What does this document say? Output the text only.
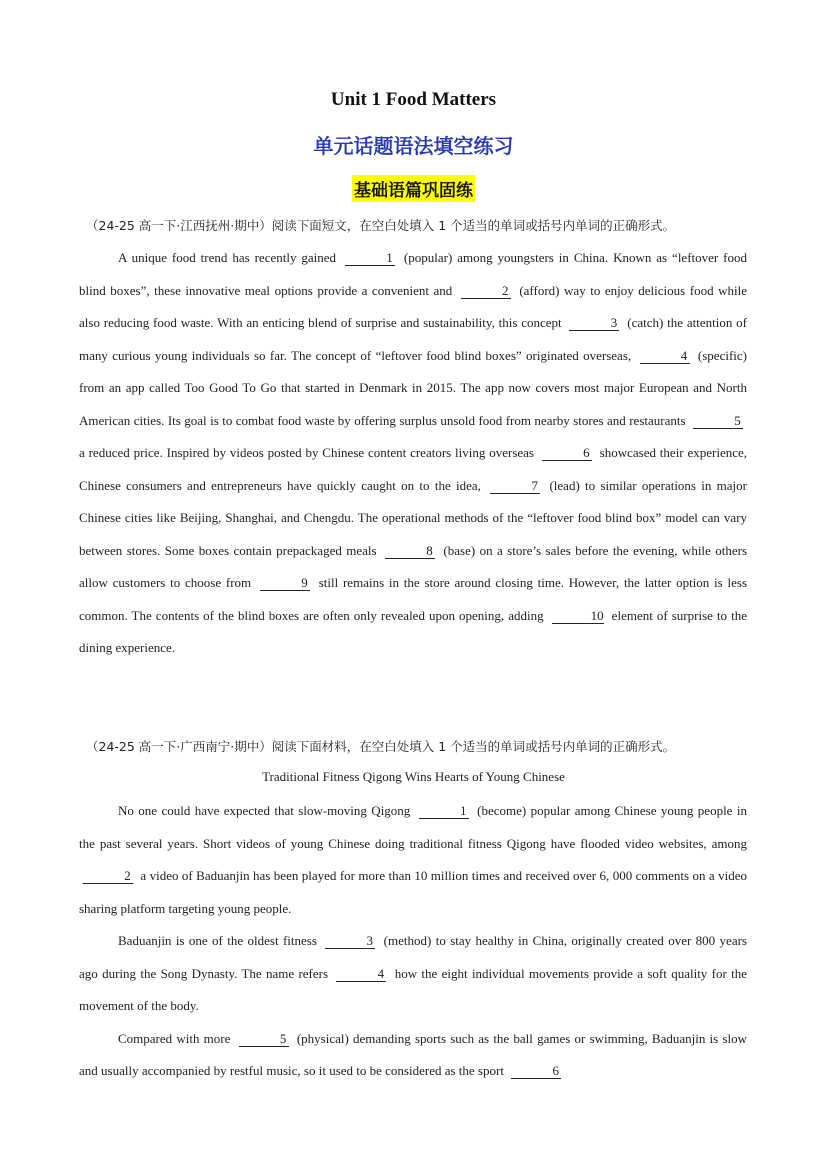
Unit 1 Food Matters
单元话题语法填空练习
基础语篇巩固练
（24-25 高一下·江西抚州·期中）阅读下面短文，在空白处填入 1 个适当的单词或括号内单词的正确形式。

A unique food trend has recently gained	1 (popular) among youngsters in China. Known as “leftover food blind boxes”, these innovative meal options provide a convenient and	2 (afford) way to enjoy delicious food while also reducing food waste. With an enticing blend of surprise and sustainability, this concept	3 (catch) the attention of many curious young individuals so far. The concept of “leftover food blind boxes” originated overseas,	4 (specific) from an app called Too Good To Go that started in Denmark in 2015. The app now covers most major European and North American cities. Its goal is to combat food waste by offering surplus unsold food from nearby stores and restaurants	5 a reduced price. Inspired by videos posted by Chinese content creators living overseas	6 showcased their experience, Chinese consumers and entrepreneurs have quickly caught on to the idea,	7 (lead) to similar operations in major Chinese cities like Beijing, Shanghai, and Chengdu. The operational methods of the “leftover food blind box” model can vary between stores. Some boxes contain prepackaged meals	8 (base) on a store’s sales before the evening, while others allow customers to choose from	9 still remains in the store around closing time. However, the latter option is less common. The contents of the blind boxes are often only revealed upon opening, adding	10 element of surprise to the dining experience.

（24-25 高一下·广西南宁·期中）阅读下面材料，在空白处填入 1 个适当的单词或括号内单词的正确形式。
Traditional Fitness Qigong Wins Hearts of Young Chinese

No one could have expected that slow-moving Qigong	1 (become) popular among Chinese young people in the past several years. Short videos of young Chinese doing traditional fitness Qigong have flooded video websites, among 2 a video of Baduanjin has been played for more than 10 million times and received over 6, 000 comments on a video sharing platform targeting young people.

Baduanjin is one of the oldest fitness	3 (method) to stay healthy in China, originally created over 800 years ago during the Song Dynasty. The name refers	4 how the eight individual movements provide a soft quality for the movement of the body.

Compared with more	5 (physical) demanding sports such as the ball games or swimming, Baduanjin is slow and usually accompanied by restful music, so it used to be considered as the sport	6
